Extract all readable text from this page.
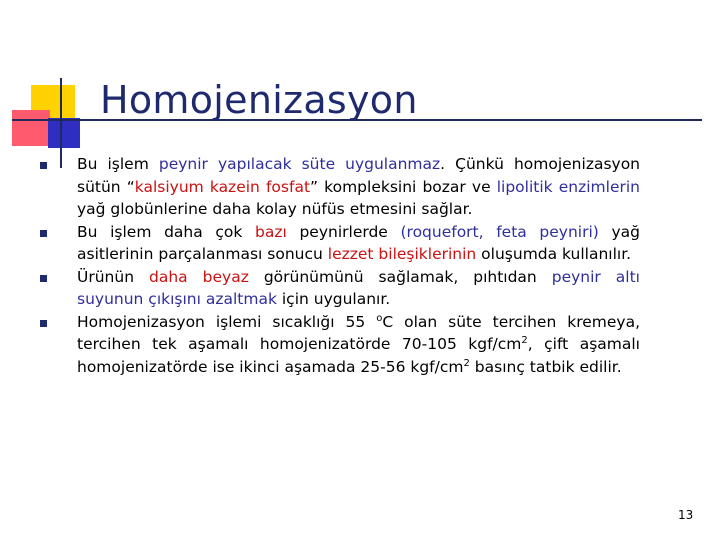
Homojenizasyon

Bu işlem peynir yapılacak süte uygulanmaz. Çünkü homojenizasyon sütün “kalsiyum kazein fosfat” kompleksini bozar ve lipolitik enzimlerin yağ globünlerine daha kolay nüfüs etmesini sağlar.

Bu işlem daha çok bazı peynirlerde (roquefort, feta peyniri) yağ asitlerinin parçalanması sonucu lezzet bileşiklerinin oluşumda kullanılır.

Ürünün daha beyaz görünümünü sağlamak, pıhtıdan peynir altı suyunun çıkışını azaltmak için uygulanır.

Homojenizasyon işlemi sıcaklığı 55 $^o$C olan süte tercihen kremeya, tercihen tek aşamalı homojenizatörde 70-105 kgf/$cm^2$, çift aşamalı homojenizatörde ise ikinci aşamada 25-56 kgf/$cm^2$ basınç tatbik edilir.

13
